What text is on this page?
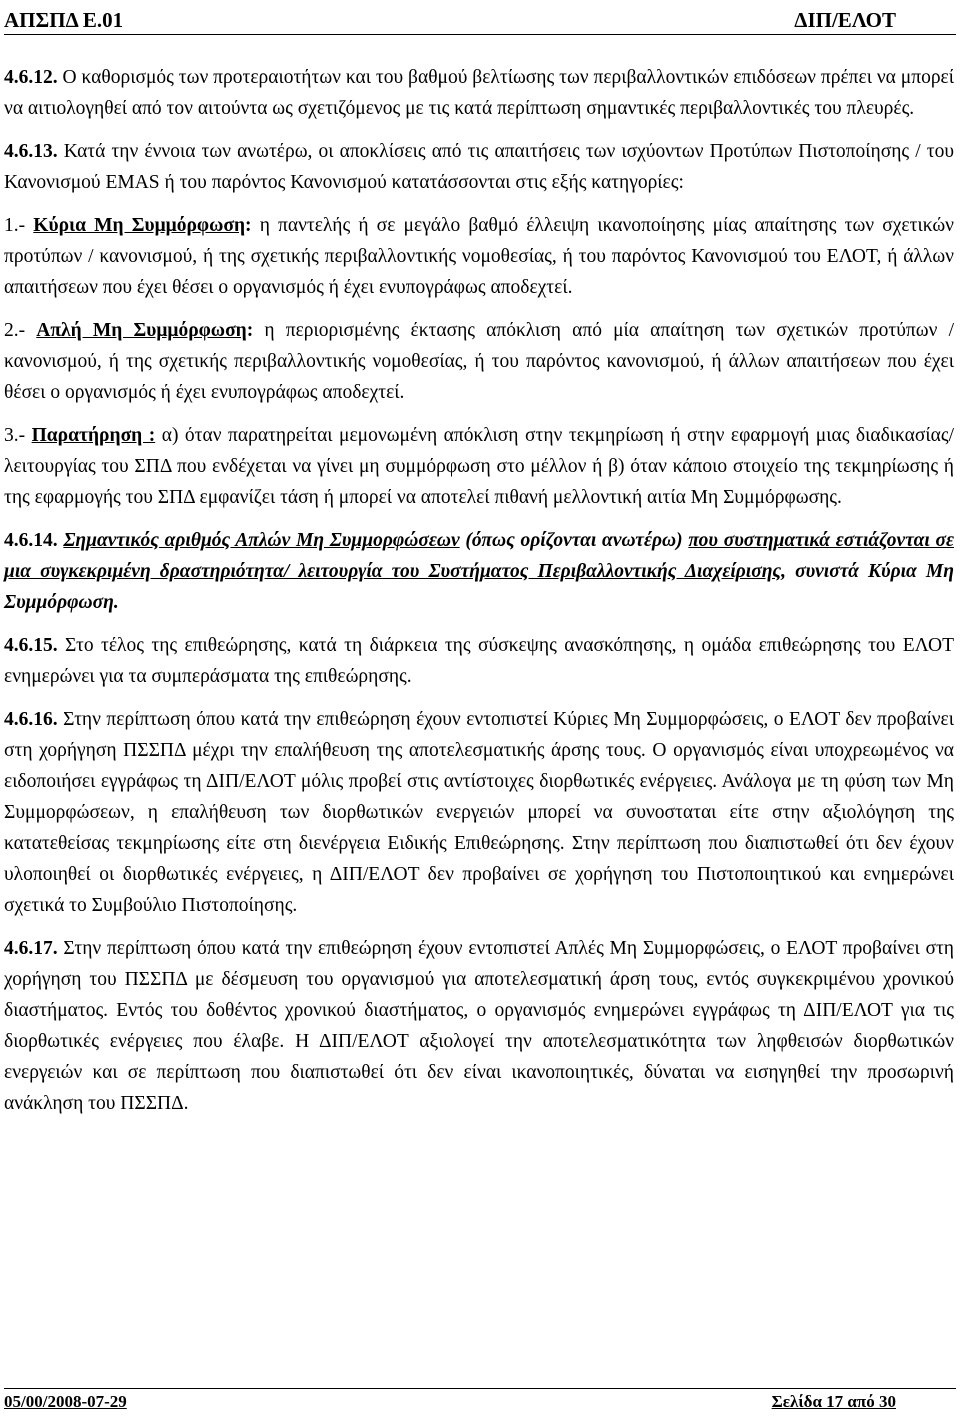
ΑΠΣΠΔ Ε.01	ΔΙΠ/ΕΛΟΤ

4.6.12. Ο καθορισμός των προτεραιοτήτων και του βαθμού βελτίωσης των περιβαλλοντικών επιδόσεων πρέπει να μπορεί να αιτιολογηθεί από τον αιτούντα ως σχετιζόμενος με τις κατά περίπτωση σημαντικές περιβαλλοντικές του πλευρές.

4.6.13. Κατά την έννοια των ανωτέρω, οι αποκλίσεις από τις απαιτήσεις των ισχύοντων Προτύπων Πιστοποίησης / του Κανονισμού EMAS ή του παρόντος Κανονισμού κατατάσσονται στις εξής κατηγορίες:

1.- Κύρια Μη Συμμόρφωση: η παντελής ή σε μεγάλο βαθμό έλλειψη ικανοποίησης μίας απαίτησης των σχετικών προτύπων / κανονισμού, ή της σχετικής περιβαλλοντικής νομοθεσίας, ή του παρόντος Κανονισμού του ΕΛΟΤ, ή άλλων απαιτήσεων που έχει θέσει ο οργανισμός ή έχει ενυπογράφως αποδεχτεί.

2.- Απλή Μη Συμμόρφωση: η περιορισμένης έκτασης απόκλιση από μία απαίτηση των σχετικών προτύπων / κανονισμού, ή της σχετικής περιβαλλοντικής νομοθεσίας, ή του παρόντος κανονισμού, ή άλλων απαιτήσεων που έχει θέσει ο οργανισμός ή έχει ενυπογράφως αποδεχτεί.

3.- Παρατήρηση : α) όταν παρατηρείται μεμονωμένη απόκλιση στην τεκμηρίωση ή στην εφαρμογή μιας διαδικασίας/λειτουργίας του ΣΠΔ που ενδέχεται να γίνει μη συμμόρφωση στο μέλλον ή β) όταν κάποιο στοιχείο της τεκμηρίωσης ή της εφαρμογής του ΣΠΔ εμφανίζει τάση ή μπορεί να αποτελεί πιθανή μελλοντική αιτία Μη Συμμόρφωσης.

4.6.14. Σημαντικός αριθμός Απλών Μη Συμμορφώσεων (όπως ορίζονται ανωτέρω) που συστηματικά εστιάζονται σε μια συγκεκριμένη δραστηριότητα/ λειτουργία του Συστήματος Περιβαλλοντικής Διαχείρισης, συνιστά Κύρια Μη Συμμόρφωση.

4.6.15. Στο τέλος της επιθεώρησης, κατά τη διάρκεια της σύσκεψης ανασκόπησης, η ομάδα επιθεώρησης του ΕΛΟΤ ενημερώνει για τα συμπεράσματα της επιθεώρησης.

4.6.16. Στην περίπτωση όπου κατά την επιθεώρηση έχουν εντοπιστεί Κύριες Μη Συμμορφώσεις, ο ΕΛΟΤ δεν προβαίνει στη χορήγηση ΠΣΣΠΔ μέχρι την επαλήθευση της αποτελεσματικής άρσης τους. Ο οργανισμός είναι υποχρεωμένος να ειδοποιήσει εγγράφως τη ΔΙΠ/ΕΛΟΤ μόλις προβεί στις αντίστοιχες διορθωτικές ενέργειες. Ανάλογα με τη φύση των Μη Συμμορφώσεων, η επαλήθευση των διορθωτικών ενεργειών μπορεί να συνοσταται είτε στην αξιολόγηση της κατατεθείσας τεκμηρίωσης είτε στη διενέργεια Ειδικής Επιθεώρησης. Στην περίπτωση που διαπιστωθεί ότι δεν έχουν υλοποιηθεί οι διορθωτικές ενέργειες, η ΔΙΠ/ΕΛΟΤ δεν προβαίνει σε χορήγηση του Πιστοποιητικού και ενημερώνει σχετικά το Συμβούλιο Πιστοποίησης.

4.6.17. Στην περίπτωση όπου κατά την επιθεώρηση έχουν εντοπιστεί Απλές Μη Συμμορφώσεις, ο ΕΛΟΤ προβαίνει στη χορήγηση του ΠΣΣΠΔ με δέσμευση του οργανισμού για αποτελεσματική άρση τους, εντός συγκεκριμένου χρονικού διαστήματος. Εντός του δοθέντος χρονικού διαστήματος, ο οργανισμός ενημερώνει εγγράφως τη ΔΙΠ/ΕΛΟΤ για τις διορθωτικές ενέργειες που έλαβε. Η ΔΙΠ/ΕΛΟΤ αξιολογεί την αποτελεσματικότητα των ληφθεισών διορθωτικών ενεργειών και σε περίπτωση που διαπιστωθεί ότι δεν είναι ικανοποιητικές, δύναται να εισηγηθεί την προσωρινή ανάκληση του ΠΣΣΠΔ.

05/00/2008-07-29	Σελίδα 17 από 30
